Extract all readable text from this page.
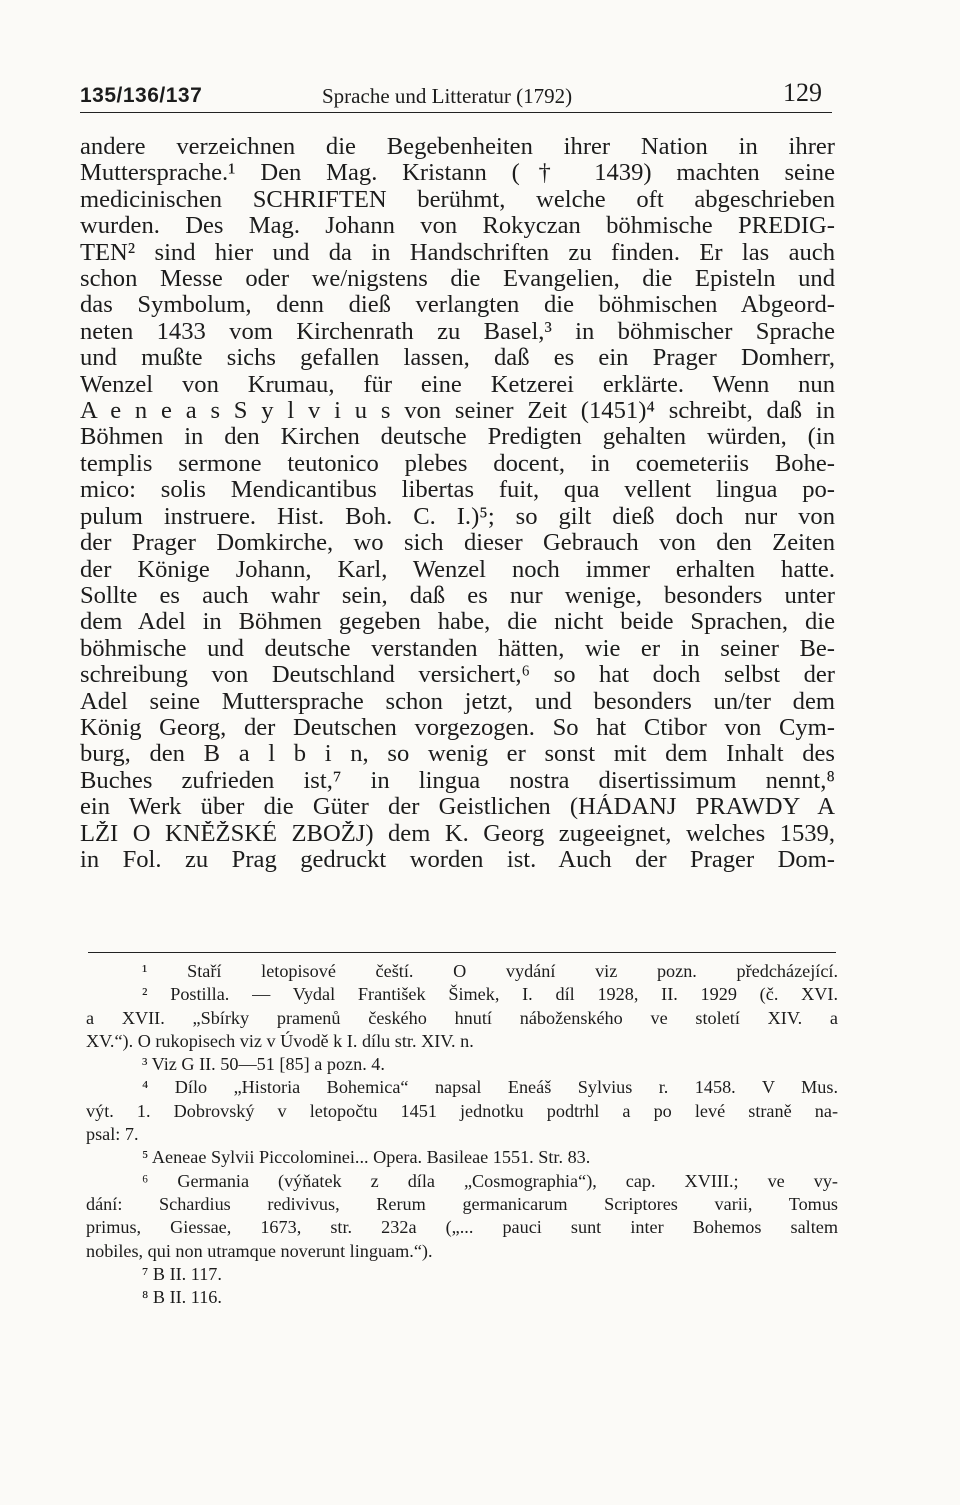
135/136/137	Sprache und Litteratur (1792)	129
andere verzeichnen die Begebenheiten ihrer Nation in ihrer
Muttersprache.¹ Den Mag. Kristann († 1439) machten seine
medicinischen SCHRIFTEN berühmt, welche oft abgeschrieben
wurden. Des Mag. Johann von Rokyczan böhmische PREDIG-
TEN² sind hier und da in Handschriften zu finden. Er las auch
schon Messe oder we/nigstens die Evangelien, die Episteln und
das Symbolum, denn dieß verlangten die böhmischen Abgeord-
neten 1433 vom Kirchenrath zu Basel,³ in böhmischer Sprache
und mußte sichs gefallen lassen, daß es ein Prager Domherr,
Wenzel von Krumau, für eine Ketzerei erklärte. Wenn nun
A e n e a s S y l v i u s von seiner Zeit (1451)⁴ schreibt, daß in
Böhmen in den Kirchen deutsche Predigten gehalten würden, (in
templis sermone teutonico plebes docent, in coemeteriis Bohe-
mico: solis Mendicantibus libertas fuit, qua vellent lingua po-
pulum instruere. Hist. Boh. C. I.)⁵; so gilt dieß doch nur von
der Prager Domkirche, wo sich dieser Gebrauch von den Zeiten
der Könige Johann, Karl, Wenzel noch immer erhalten hatte.
Sollte es auch wahr sein, daß es nur wenige, besonders unter
dem Adel in Böhmen gegeben habe, die nicht beide Sprachen, die
böhmische und deutsche verstanden hätten, wie er in seiner Be-
schreibung von Deutschland versichert,⁶ so hat doch selbst der
Adel seine Muttersprache schon jetzt, und besonders un/ter dem
König Georg, der Deutschen vorgezogen. So hat Ctibor von Cym-
burg, den B a l b i n, so wenig er sonst mit dem Inhalt des
Buches zufrieden ist,⁷ in lingua nostra disertissimum nennt,⁸
ein Werk über die Güter der Geistlichen (HÁDANJ PRAWDY A
LŽI O KNĚŽSKÉ ZBOŽJ) dem K. Georg zugeeignet, welches 1539,
in Fol. zu Prag gedruckt worden ist. Auch der Prager Dom-
¹ Staří letopisové čeští. O vydání viz pozn. předcházející.
² Postilla. — Vydal František Šimek, I. díl 1928, II. 1929 (č. XVI.
a XVII. „Sbírky pramenů českého hnutí náboženského ve století XIV. a
XV.“). O rukopisech viz v Úvodě k I. dílu str. XIV. n.
³ Viz G II. 50—51 [85] a pozn. 4.
⁴ Dílo „Historia Bohemica“ napsal Eneáš Sylvius r. 1458. V Mus.
výt. 1. Dobrovský v letopočtu 1451 jednotku podtrhl a po levé straně na-
psal: 7.
⁵ Aeneae Sylvii Piccolominei... Opera. Basileae 1551. Str. 83.
⁶ Germania (výňatek z díla „Cosmographia“), cap. XVIII.; ve vy-
dání: Schardius redivivus, Rerum germanicarum Scriptores varii, Tomus
primus, Giessae, 1673, str. 232a („... pauci sunt inter Bohemos saltem
nobiles, qui non utramque noverunt linguam.“).
⁷ B II. 117.
⁸ B II. 116.
